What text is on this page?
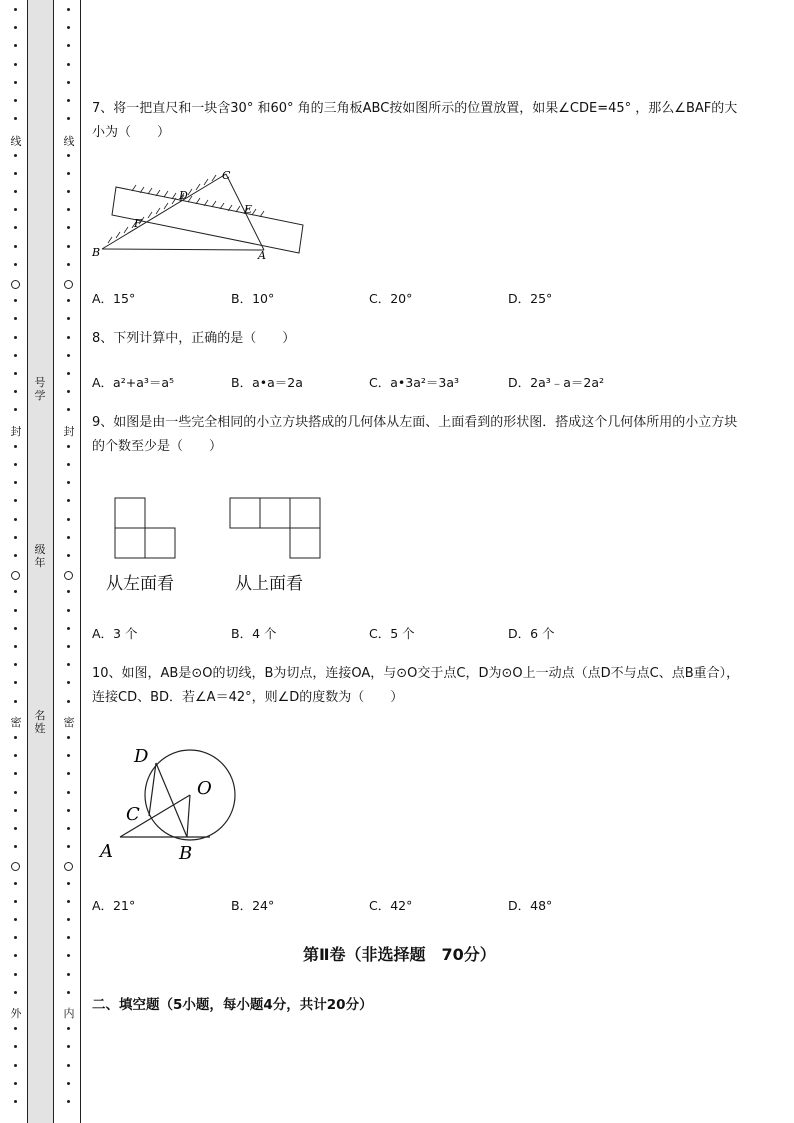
线
封
密
外
线
封
密
内
号学
级年
名姓
7、将一把直尺和一块含30° 和60° 角的三角板ABC按如图所示的位置放置，如果∠CDE=45° ，那么∠BAF的大小为（　　）
C
D
E
F
B	A
A．15°	B．10°	C．20°	D．25°
8、下列计算中，正确的是（　　）
A．a²+a³＝a⁵	B．a•a＝2a	C．a•3a²＝3a³	D．2a³﹣a＝2a²
9、如图是由一些完全相同的小立方块搭成的几何体从左面、上面看到的形状图．搭成这个几何体所用的小立方块的个数至少是（　　）
从左面看	从上面看
A．3 个	B．4 个	C．5 个	D．6 个
10、如图，AB是⊙O的切线，B为切点，连接OA，与⊙O交于点C，D为⊙O上一动点（点D不与点C、点B重合），连接CD、BD．若∠A＝42°，则∠D的度数为（　　）
D
O
C
A	B
A．21°	B．24°	C．42°	D．48°
第Ⅱ卷（非选择题　70分）
二、填空题（5小题，每小题4分，共计20分）
